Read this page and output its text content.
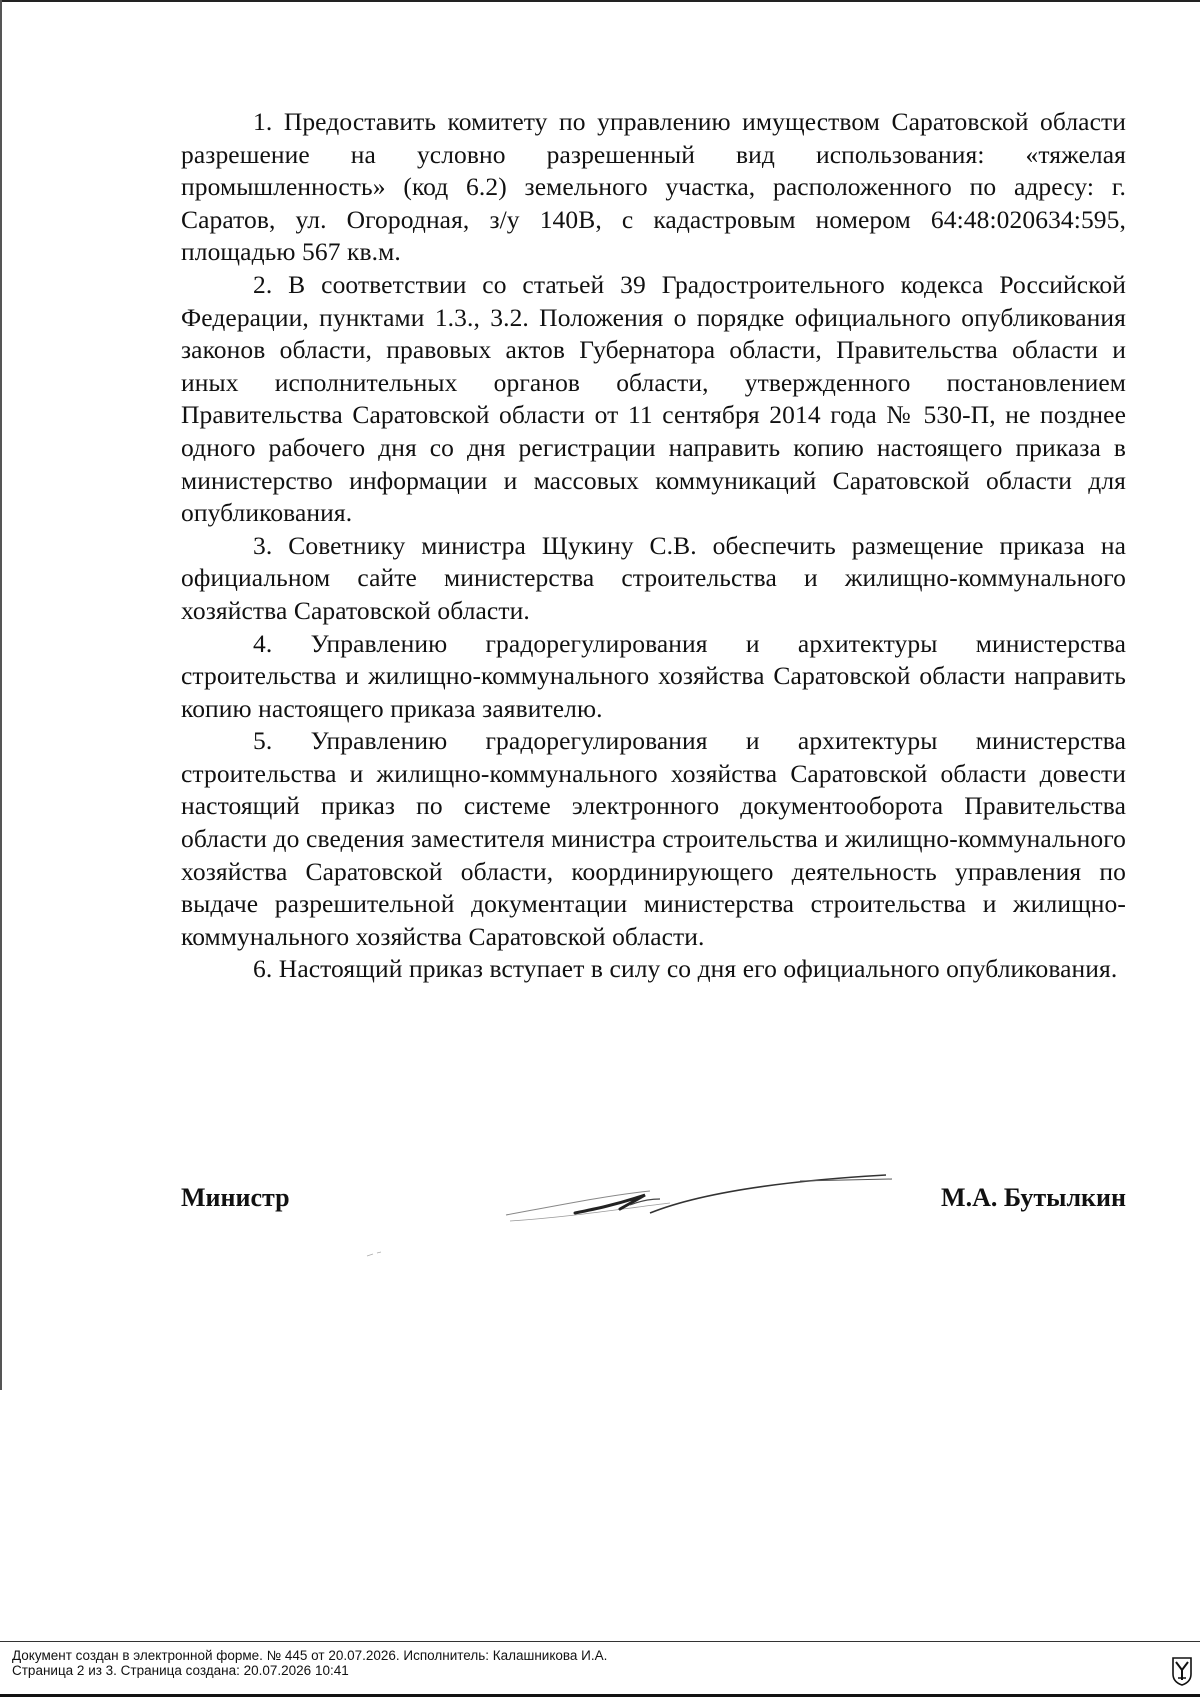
1. Предоставить комитету по управлению имуществом Саратовской области разрешение на условно разрешенный вид использования: «тяжелая промышленность» (код 6.2) земельного участка, расположенного по адресу: г. Саратов, ул. Огородная, з/у 140В, с кадастровым номером 64:48:020634:595, площадью 567 кв.м.

2. В соответствии со статьей 39 Градостроительного кодекса Российской Федерации, пунктами 1.3., 3.2. Положения о порядке официального опубликования законов области, правовых актов Губернатора области, Правительства области и иных исполнительных органов области, утвержденного постановлением Правительства Саратовской области от 11 сентября 2014 года № 530-П, не позднее одного рабочего дня со дня регистрации направить копию настоящего приказа в министерство информации и массовых коммуникаций Саратовской области для опубликования.

3. Советнику министра Щукину С.В. обеспечить размещение приказа на официальном сайте министерства строительства и жилищно-коммунального хозяйства Саратовской области.

4. Управлению градорегулирования и архитектуры министерства строительства и жилищно-коммунального хозяйства Саратовской области направить копию настоящего приказа заявителю.

5. Управлению градорегулирования и архитектуры министерства строительства и жилищно-коммунального хозяйства Саратовской области довести настоящий приказ по системе электронного документооборота Правительства области до сведения заместителя министра строительства и жилищно-коммунального хозяйства Саратовской области, координирующего деятельность управления по выдаче разрешительной документации министерства строительства и жилищно-коммунального хозяйства Саратовской области.

6. Настоящий приказ вступает в силу со дня его официального опубликования.

Министр	М.А. Бутылкин
Документ создан в электронной форме. № 445 от 20.07.2026. Исполнитель: Калашникова И.А.
Страница 2 из 3. Страница создана: 20.07.2026 10:41
